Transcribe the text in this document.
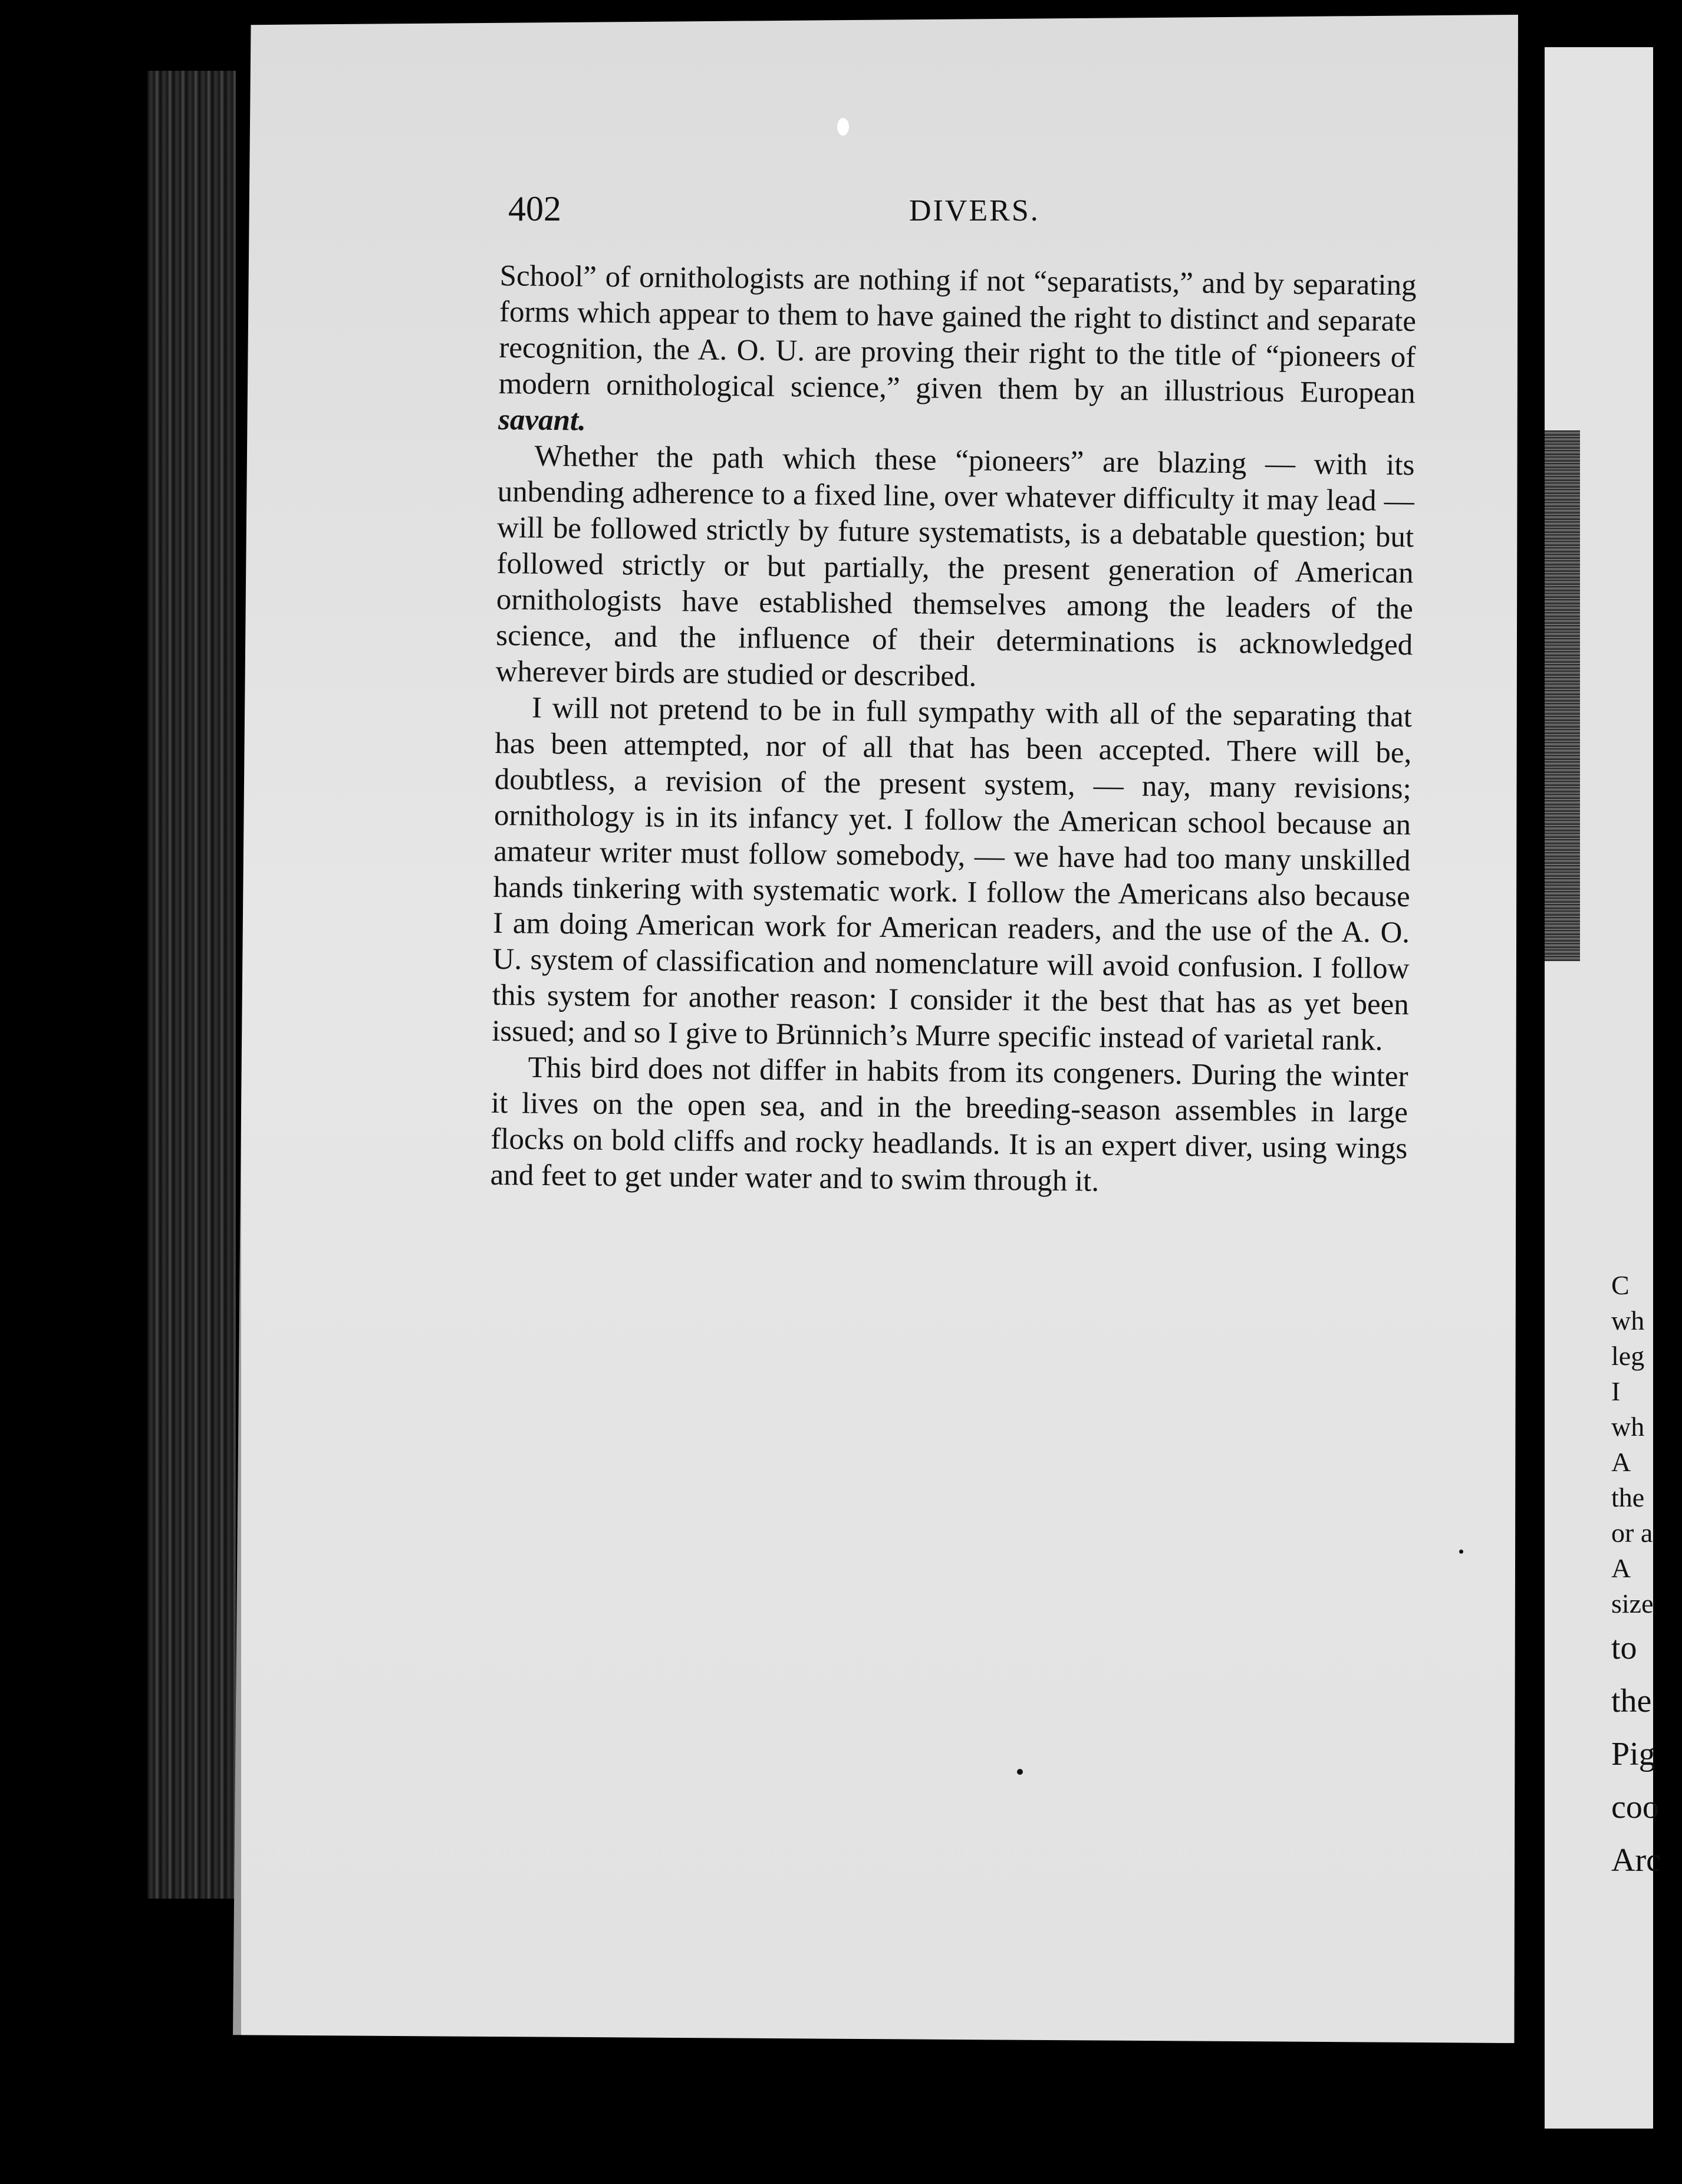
C
wh
leg
I
wh
A
the
or a
A
size
to
the
Pig
coo
Arc
402	DIVERS.

School” of ornithologists are nothing if not “separatists,” and by separating forms which appear to them to have gained the right to distinct and separate recognition, the A. O. U. are proving their right to the title of “pioneers of modern ornithological science,” given them by an illustrious European savant.

Whether the path which these “pioneers” are blazing — with its unbending adherence to a fixed line, over whatever difficulty it may lead — will be followed strictly by future systematists, is a debatable question; but followed strictly or but partially, the present generation of American ornithologists have established themselves among the leaders of the science, and the influence of their determinations is acknowledged wherever birds are studied or described.

I will not pretend to be in full sympathy with all of the separating that has been attempted, nor of all that has been accepted. There will be, doubtless, a revision of the present system, — nay, many revisions; ornithology is in its infancy yet. I follow the American school because an amateur writer must follow somebody, — we have had too many unskilled hands tinkering with systematic work. I follow the Americans also because I am doing American work for American readers, and the use of the A. O. U. system of classification and nomenclature will avoid confusion. I follow this system for another reason: I consider it the best that has as yet been issued; and so I give to Brünnich’s Murre specific instead of varietal rank.

This bird does not differ in habits from its congeners. During the winter it lives on the open sea, and in the breeding-season assembles in large flocks on bold cliffs and rocky headlands. It is an expert diver, using wings and feet to get under water and to swim through it.
